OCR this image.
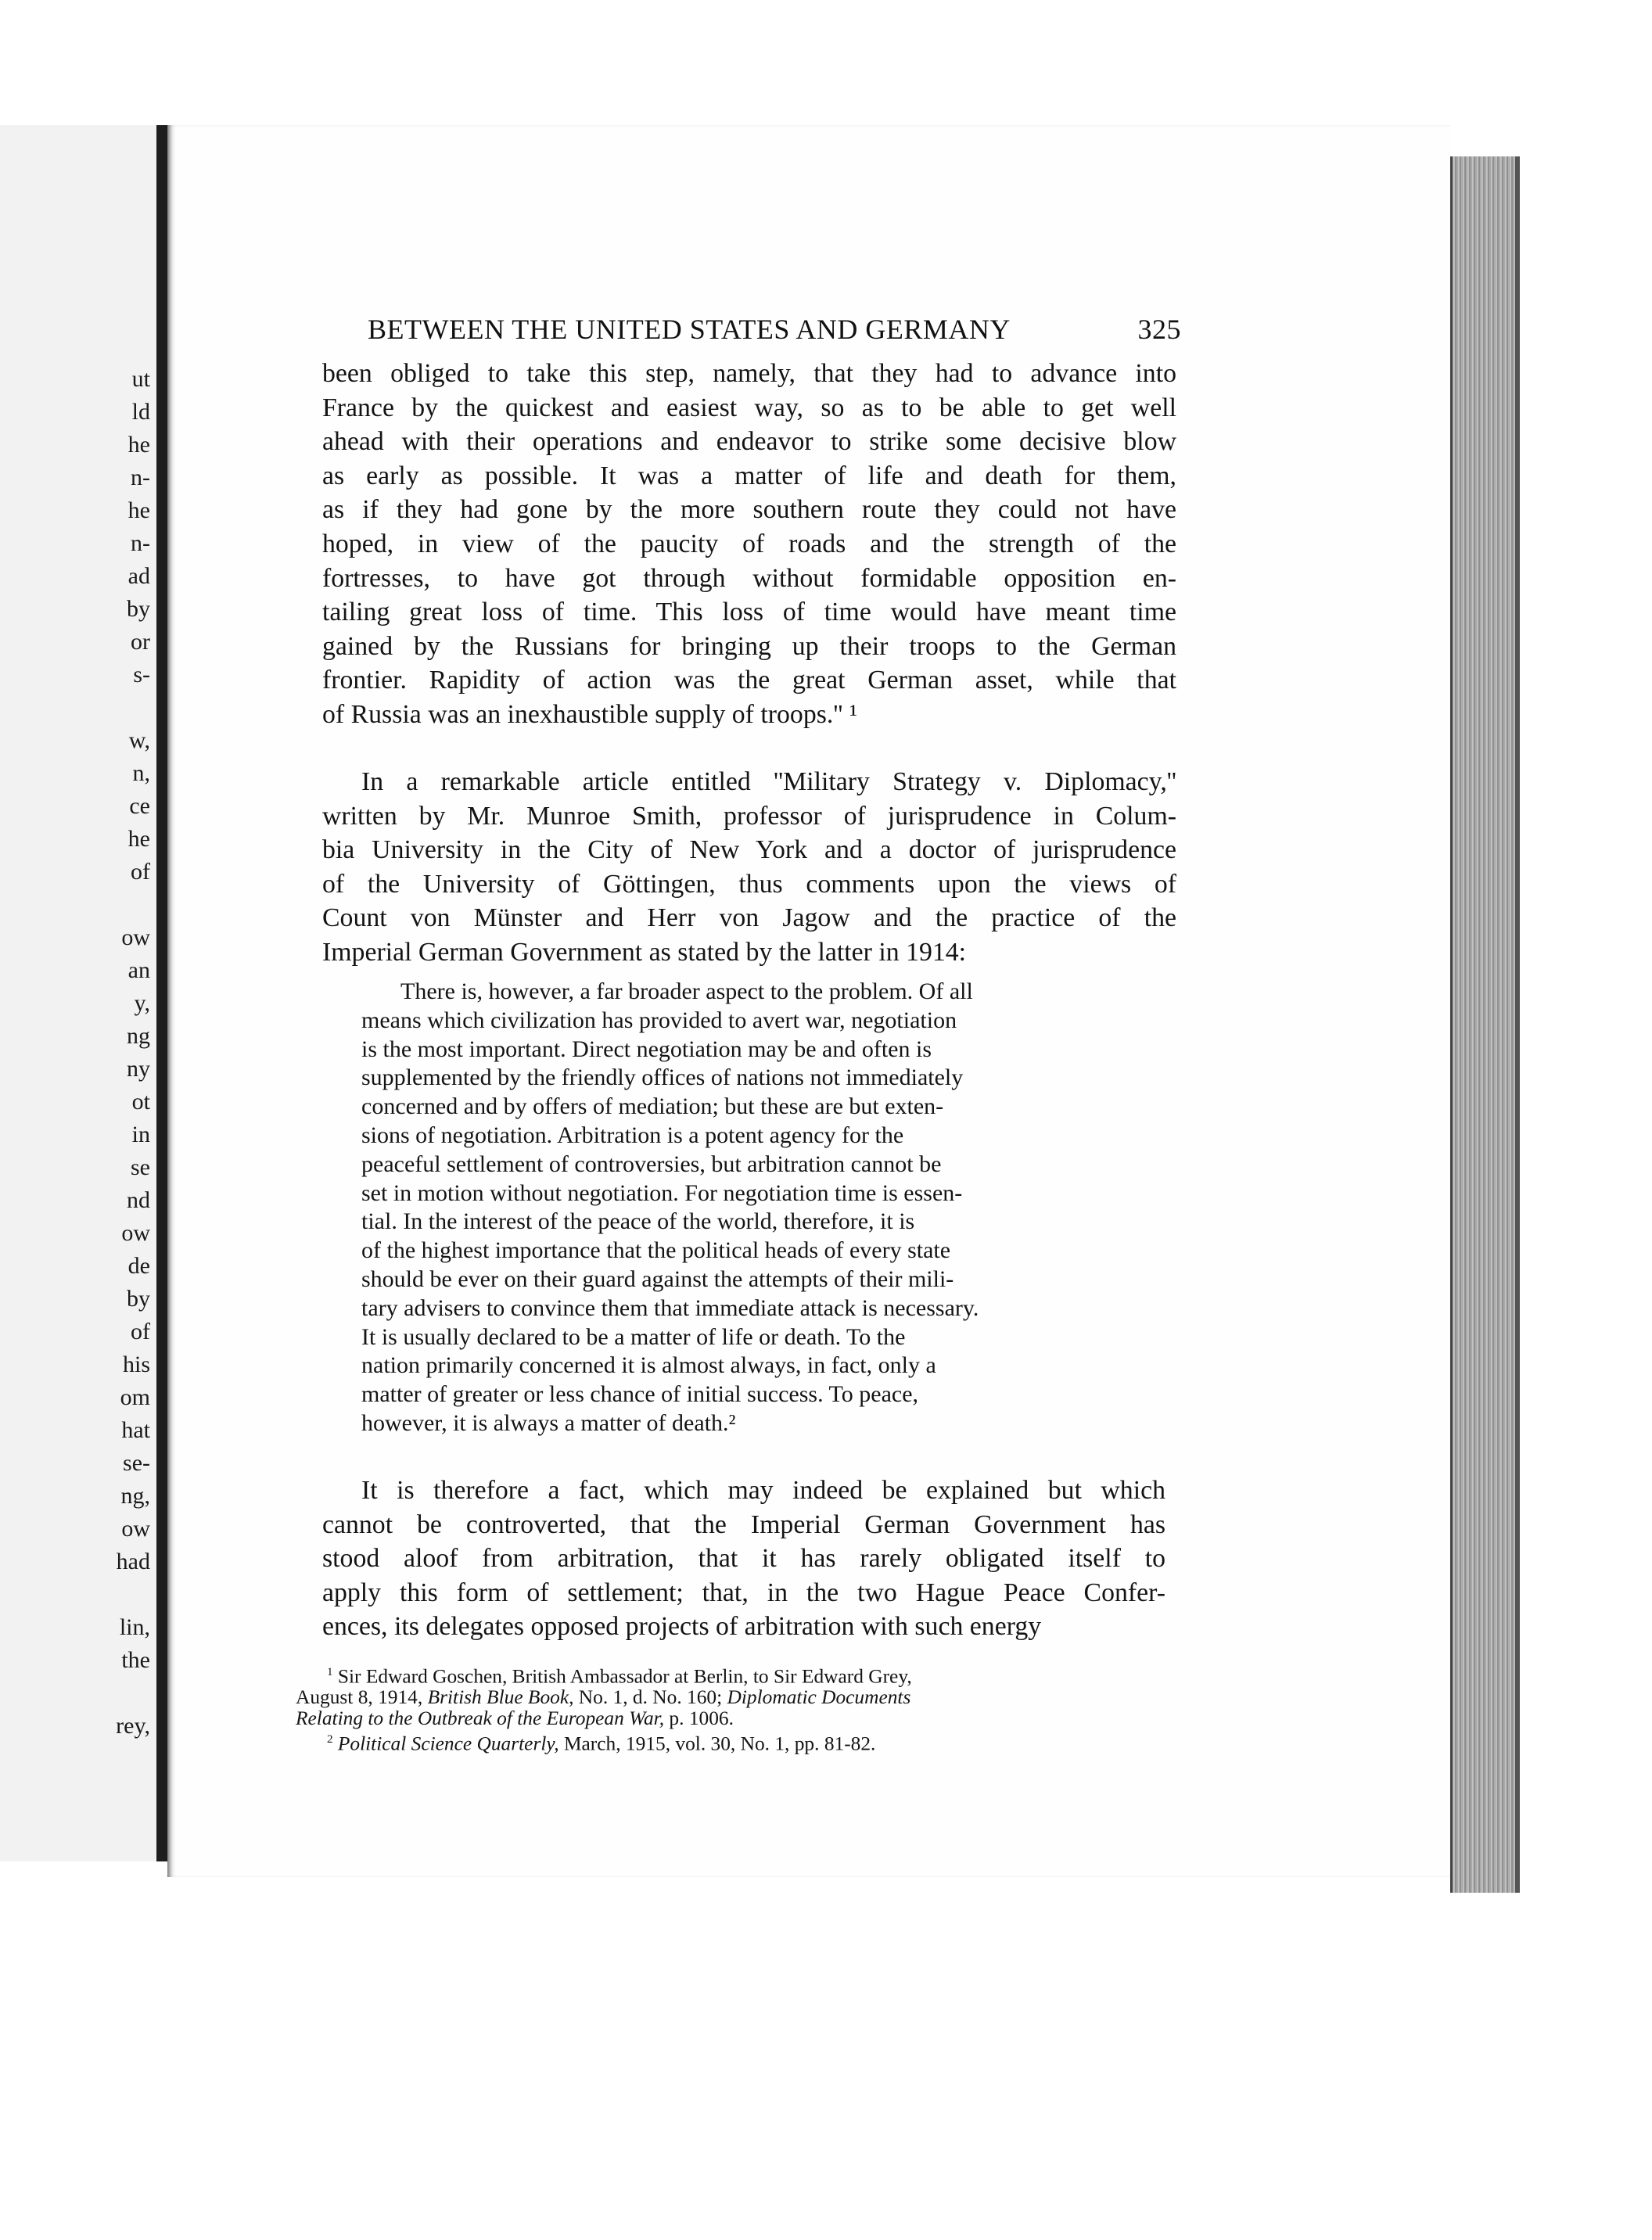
ut
ld
he
n-
he
n-
ad
by
or
s-
w,
n,
ce
he
of
ow
an
y,
ng
ny
ot
in
se
nd
ow
de
by
of
his
om
hat
se-
ng,
ow
had
lin,
the
rey,
BETWEEN THE UNITED STATES AND GERMANY	325
been obliged to take this step, namely, that they had to advance into
France by the quickest and easiest way, so as to be able to get well
ahead with their operations and endeavor to strike some decisive blow
as early as possible. It was a matter of life and death for them,
as if they had gone by the more southern route they could not have
hoped, in view of the paucity of roads and the strength of the
fortresses, to have got through without formidable opposition en-
tailing great loss of time. This loss of time would have meant time
gained by the Russians for bringing up their troops to the German
frontier. Rapidity of action was the great German asset, while that
of Russia was an inexhaustible supply of troops.'' ¹
In a remarkable article entitled ''Military Strategy v. Diplomacy,''
written by Mr. Munroe Smith, professor of jurisprudence in Colum-
bia University in the City of New York and a doctor of jurisprudence
of the University of Göttingen, thus comments upon the views of
Count von Münster and Herr von Jagow and the practice of the
Imperial German Government as stated by the latter in 1914:
There is, however, a far broader aspect to the problem. Of all
means which civilization has provided to avert war, negotiation
is the most important. Direct negotiation may be and often is
supplemented by the friendly offices of nations not immediately
concerned and by offers of mediation; but these are but exten-
sions of negotiation. Arbitration is a potent agency for the
peaceful settlement of controversies, but arbitration cannot be
set in motion without negotiation. For negotiation time is essen-
tial. In the interest of the peace of the world, therefore, it is
of the highest importance that the political heads of every state
should be ever on their guard against the attempts of their mili-
tary advisers to convince them that immediate attack is necessary.
It is usually declared to be a matter of life or death. To the
nation primarily concerned it is almost always, in fact, only a
matter of greater or less chance of initial success. To peace,
however, it is always a matter of death.²
It is therefore a fact, which may indeed be explained but which
cannot be controverted, that the Imperial German Government has
stood aloof from arbitration, that it has rarely obligated itself to
apply this form of settlement; that, in the two Hague Peace Confer-
ences, its delegates opposed projects of arbitration with such energy
$^1$ Sir Edward Goschen, British Ambassador at Berlin, to Sir Edward Grey,
August 8, 1914, British Blue Book, No. 1, d. No. 160; Diplomatic Documents
Relating to the Outbreak of the European War, p. 1006.
$^2$ Political Science Quarterly, March, 1915, vol. 30, No. 1, pp. 81-82.
